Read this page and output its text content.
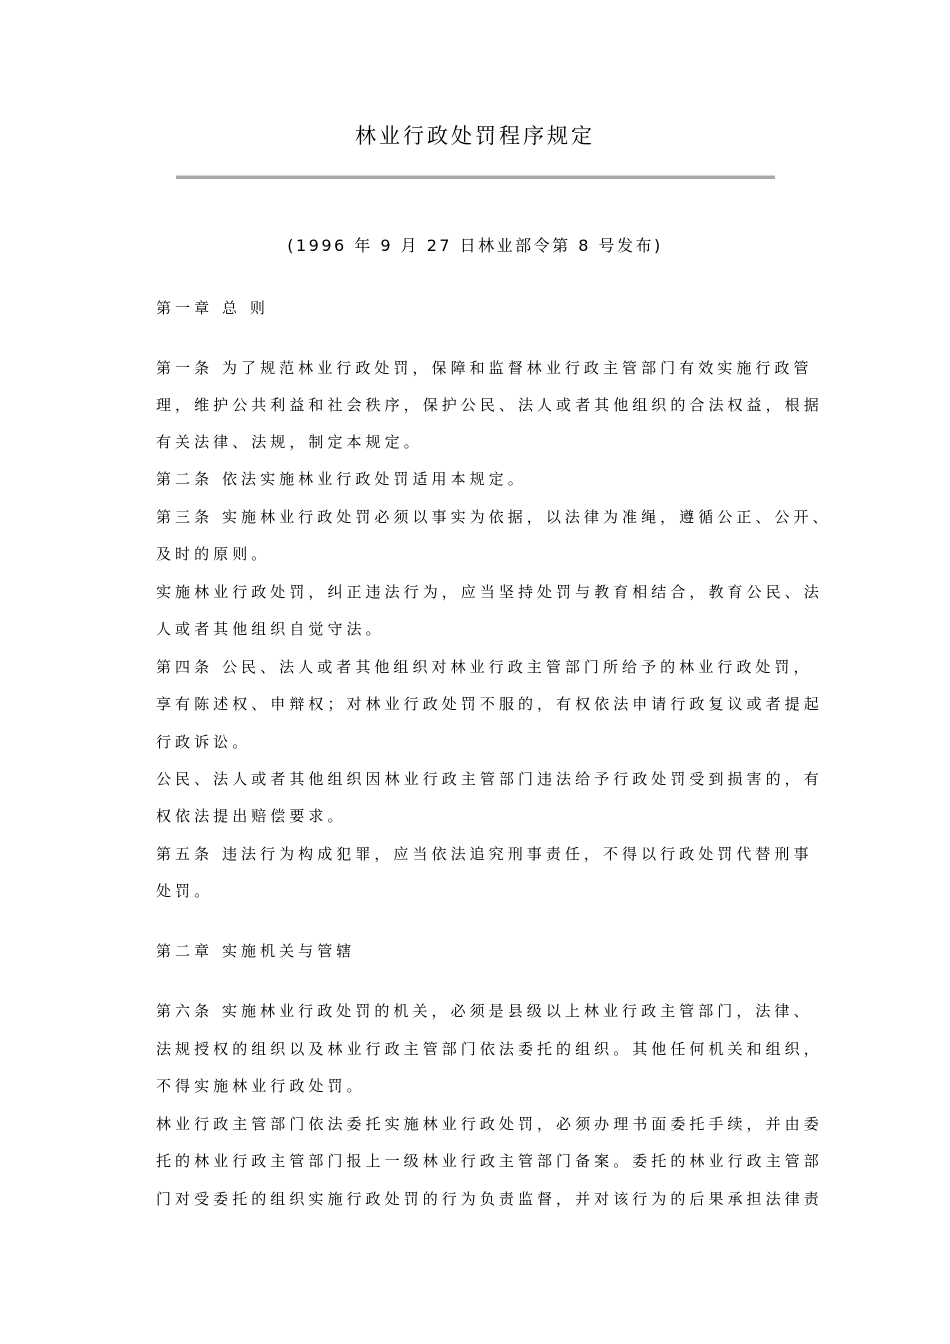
林业行政处罚程序规定
(1996 年 9 月 27 日林业部令第 8 号发布)
第一章 总 则
第一条 为了规范林业行政处罚，保障和监督林业行政主管部门有效实施行政管
理，维护公共利益和社会秩序，保护公民、法人或者其他组织的合法权益，根据
有关法律、法规，制定本规定。
第二条 依法实施林业行政处罚适用本规定。
第三条 实施林业行政处罚必须以事实为依据，以法律为准绳，遵循公正、公开、
及时的原则。
实施林业行政处罚，纠正违法行为，应当坚持处罚与教育相结合，教育公民、法
人或者其他组织自觉守法。
第四条 公民、法人或者其他组织对林业行政主管部门所给予的林业行政处罚，
享有陈述权、申辩权；对林业行政处罚不服的，有权依法申请行政复议或者提起
行政诉讼。
公民、法人或者其他组织因林业行政主管部门违法给予行政处罚受到损害的，有
权依法提出赔偿要求。
第五条 违法行为构成犯罪，应当依法追究刑事责任，不得以行政处罚代替刑事
处罚。
第二章 实施机关与管辖
第六条 实施林业行政处罚的机关，必须是县级以上林业行政主管部门，法律、
法规授权的组织以及林业行政主管部门依法委托的组织。其他任何机关和组织，
不得实施林业行政处罚。
林业行政主管部门依法委托实施林业行政处罚，必须办理书面委托手续，并由委
托的林业行政主管部门报上一级林业行政主管部门备案。委托的林业行政主管部
门对受委托的组织实施行政处罚的行为负责监督，并对该行为的后果承担法律责
